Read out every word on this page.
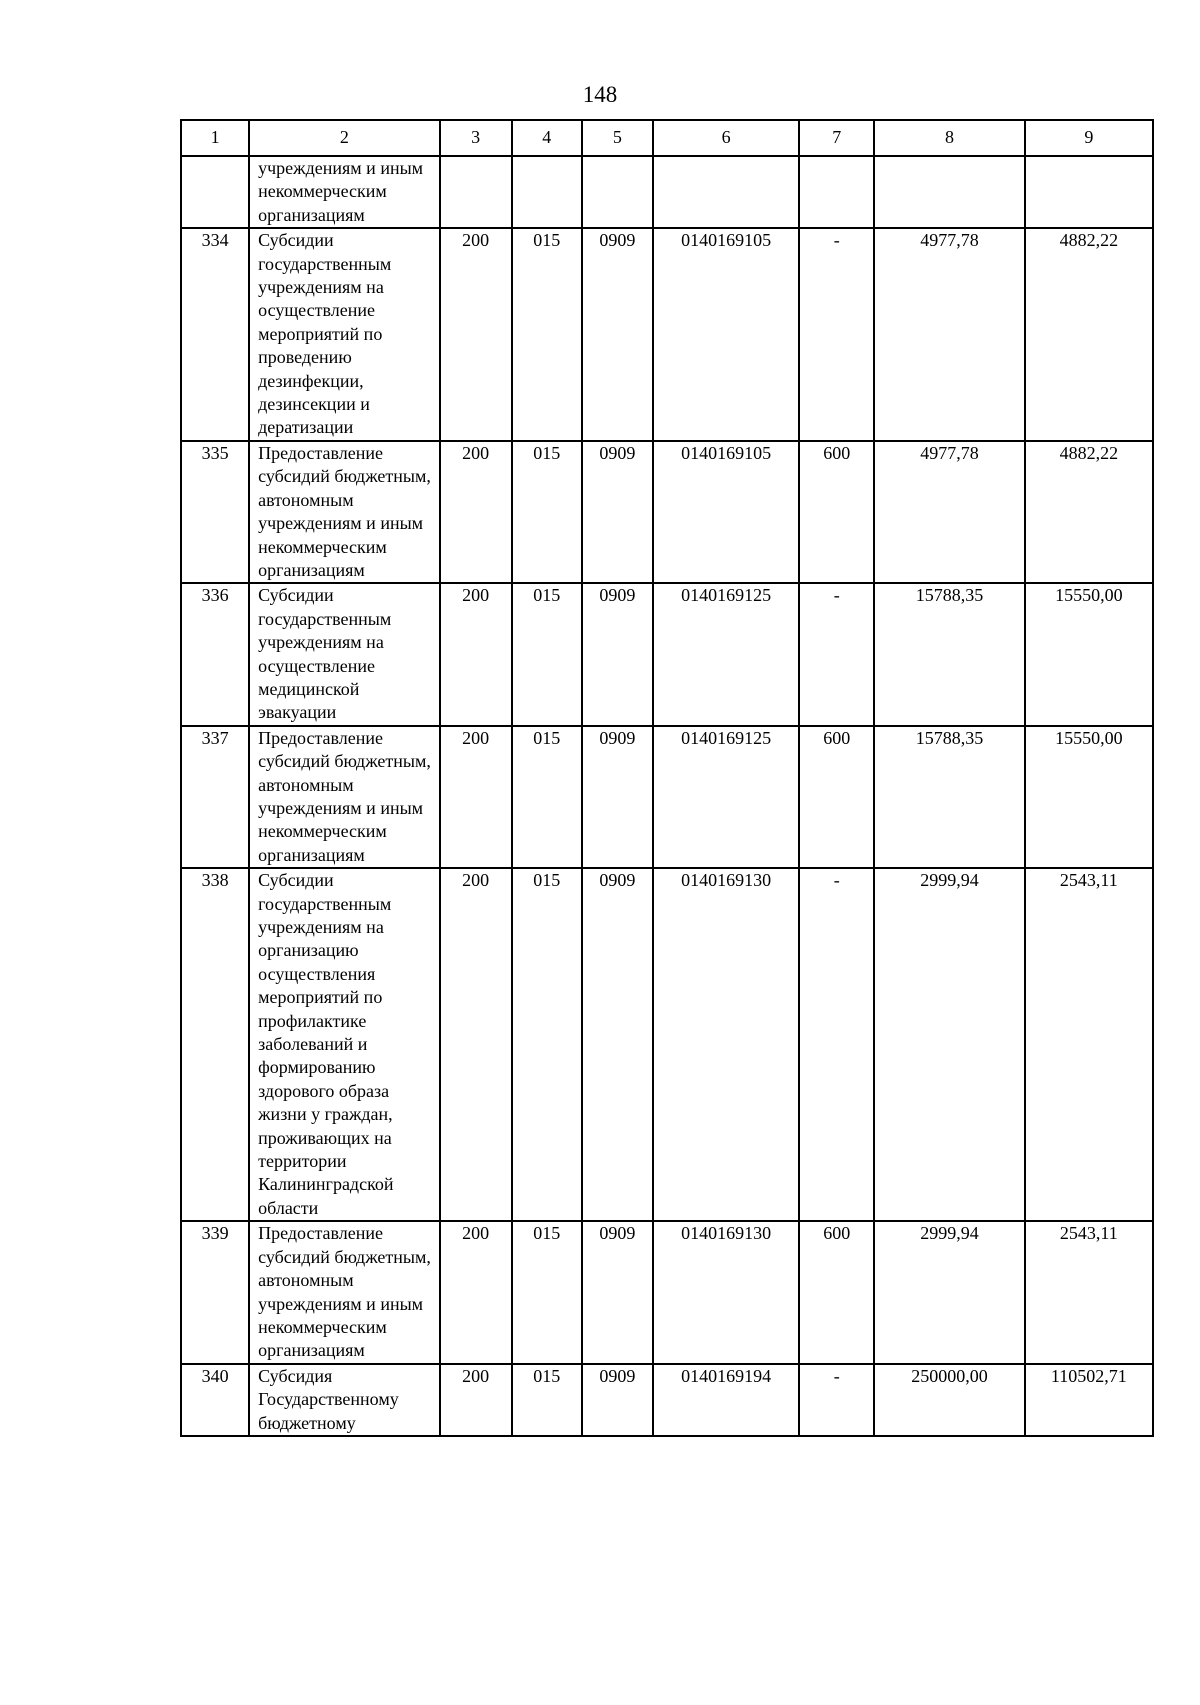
148
1	2	3	4	5	6	7	8	9
	учреждениям и иным некоммерческим организациям							
334	Субсидии государственным учреждениям на осуществление мероприятий по проведению дезинфекции, дезинсекции и дератизации	200	015	0909	0140169105	-	4977,78	4882,22
335	Предоставление субсидий бюджетным, автономным учреждениям и иным некоммерческим организациям	200	015	0909	0140169105	600	4977,78	4882,22
336	Субсидии государственным учреждениям на осуществление медицинской эвакуации	200	015	0909	0140169125	-	15788,35	15550,00
337	Предоставление субсидий бюджетным, автономным учреждениям и иным некоммерческим организациям	200	015	0909	0140169125	600	15788,35	15550,00
338	Субсидии государственным учреждениям на организацию осуществления мероприятий по профилактике заболеваний и формированию здорового образа жизни у граждан, проживающих на территории Калининградской области	200	015	0909	0140169130	-	2999,94	2543,11
339	Предоставление субсидий бюджетным, автономным учреждениям и иным некоммерческим организациям	200	015	0909	0140169130	600	2999,94	2543,11
340	Субсидия Государственному бюджетному	200	015	0909	0140169194	-	250000,00	110502,71
